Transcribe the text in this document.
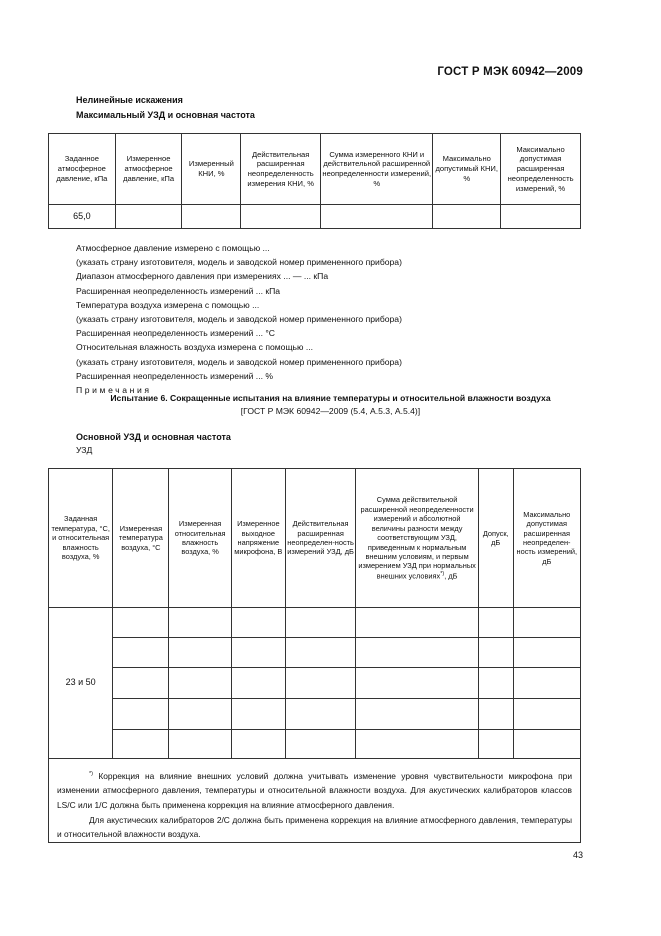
ГОСТ Р МЭК 60942—2009
Нелинейные искажения
Максимальный УЗД и основная частота
Заданное атмосферное давление, кПа	Измеренное атмосферное давление, кПа	Измеренный КНИ, %	Действительная расширенная неопределенность измерения КНИ, %	Сумма измеренного КНИ и действительной расширенной неопределенности измерений, %	Максимально допустимый КНИ, %	Максимально допустимая расширенная неопределенность измерений, %
65,0						
Атмосферное давление измерено с помощью ...
(указать страну изготовителя, модель и заводской номер примененного прибора)
Диапазон атмосферного давления при измерениях ... — ... кПа
Расширенная неопределенность измерений ... кПа
Температура воздуха измерена с помощью ...
(указать страну изготовителя, модель и заводской номер примененного прибора)
Расширенная неопределенность измерений ... °C
Относительная влажность воздуха измерена с помощью ...
(указать страну изготовителя, модель и заводской номер примененного прибора)
Расширенная неопределенность измерений ... %
Примечания
Испытание 6. Сокращенные испытания на влияние температуры и относительной влажности воздуха
[ГОСТ Р МЭК 60942—2009 (5.4, А.5.3, А.5.4)]
Основной УЗД и основная частота
УЗД
Заданная температура, °C, и относительная влажность воздуха, %	Измеренная температура воздуха, °C	Измеренная относительная влажность воздуха, %	Измеренное выходное напряжение микрофона, В	Действительная расширенная неопределен-ность измерений УЗД, дБ	Сумма действительной расширенной неопределенности измерений и абсолютной величины разности между соответствующим УЗД, приведенным к нормальным внешним условиям, и первым измерением УЗД при нормальных внешних условиях*), дБ	Допуск, дБ	Максимально допустимая расширенная неопределен-ность измерений, дБ
23 и 50							

*) Коррекция на влияние внешних условий должна учитывать изменение уровня чувствительности микрофона при изменении атмосферного давления, температуры и относительной влажности воздуха. Для акустических калибраторов классов LS/C или 1/C должна быть применена коррекция на влияние атмосферного давления.
Для акустических калибраторов 2/C должна быть применена коррекция на влияние атмосферного давления, температуры и относительной влажности воздуха.							
43
